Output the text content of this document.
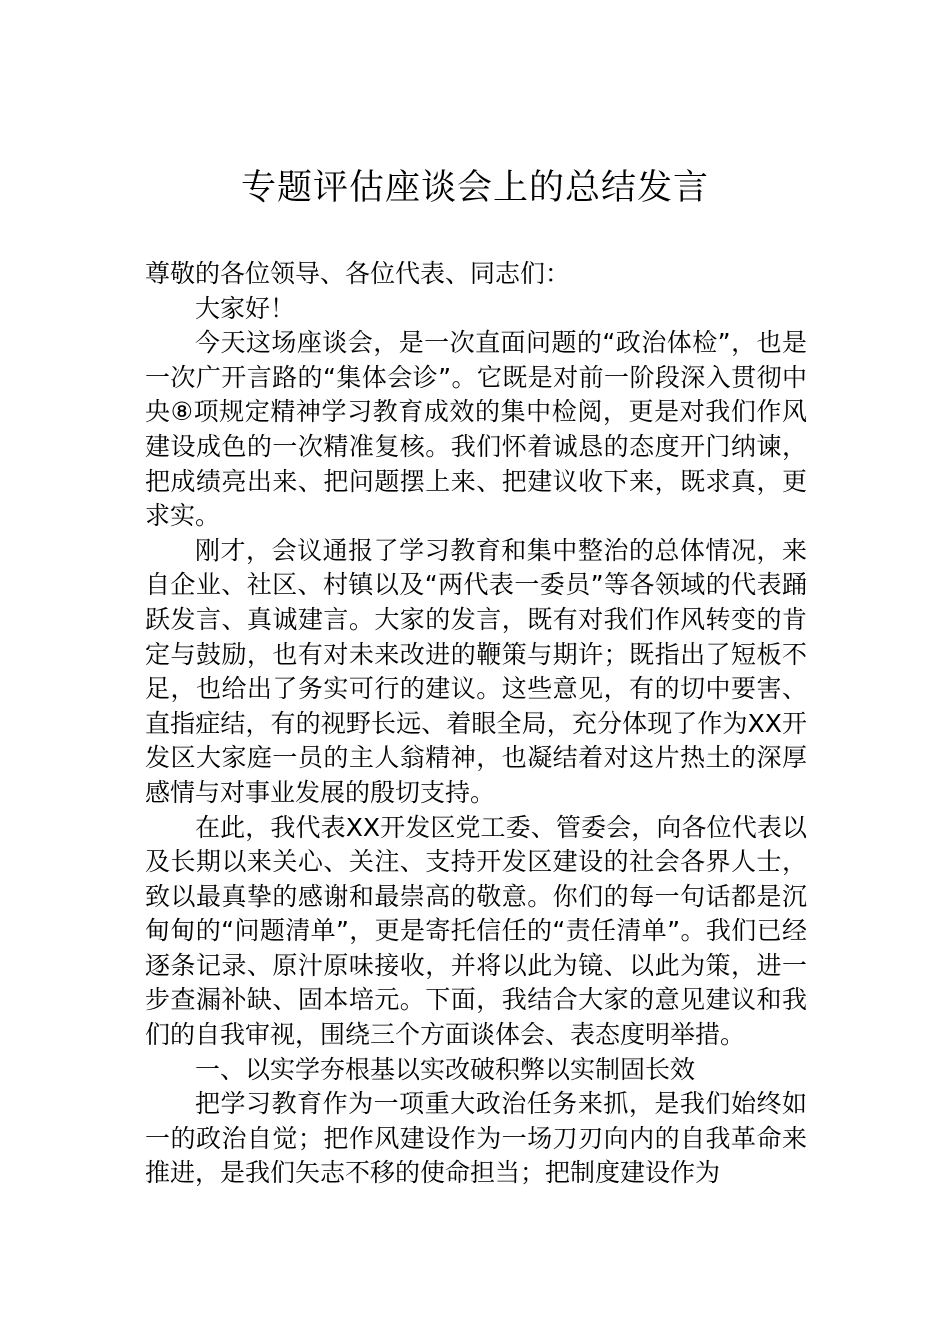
专题评估座谈会上的总结发言

尊敬的各位领导、各位代表、同志们：

大家好！

今天这场座谈会，是一次直面问题的“政治体检”，也是一次广开言路的“集体会诊”。它既是对前一阶段深入贯彻中央⑧项规定精神学习教育成效的集中检阅，更是对我们作风建设成色的一次精准复核。我们怀着诚恳的态度开门纳谏，把成绩亮出来、把问题摆上来、把建议收下来，既求真，更求实。

刚才，会议通报了学习教育和集中整治的总体情况，来自企业、社区、村镇以及“两代表一委员”等各领域的代表踊跃发言、真诚建言。大家的发言，既有对我们作风转变的肯定与鼓励，也有对未来改进的鞭策与期许；既指出了短板不足，也给出了务实可行的建议。这些意见，有的切中要害、直指症结，有的视野长远、着眼全局，充分体现了作为XX开发区大家庭一员的主人翁精神，也凝结着对这片热土的深厚感情与对事业发展的殷切支持。

在此，我代表XX开发区党工委、管委会，向各位代表以及长期以来关心、关注、支持开发区建设的社会各界人士，致以最真挚的感谢和最崇高的敬意。你们的每一句话都是沉甸甸的“问题清单”，更是寄托信任的“责任清单”。我们已经逐条记录、原汁原味接收，并将以此为镜、以此为策，进一步查漏补缺、固本培元。下面，我结合大家的意见建议和我们的自我审视，围绕三个方面谈体会、表态度明举措。

一、以实学夯根基以实改破积弊以实制固长效

把学习教育作为一项重大政治任务来抓，是我们始终如一的政治自觉；把作风建设作为一场刀刃向内的自我革命来推进，是我们矢志不移的使命担当；把制度建设作为
